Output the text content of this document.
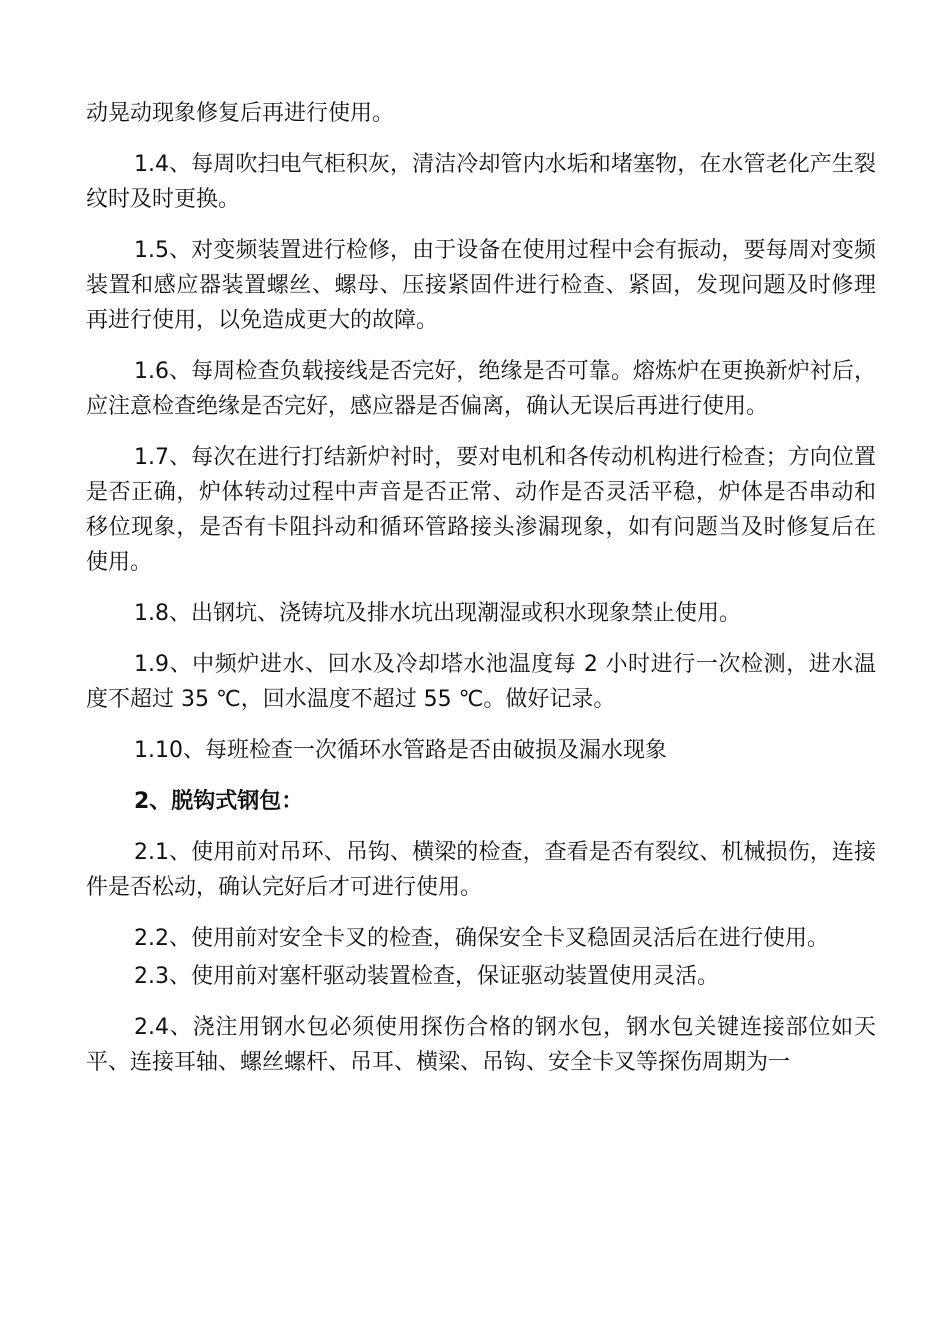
动晃动现象修复后再进行使用。

1.4、每周吹扫电气柜积灰，清洁冷却管内水垢和堵塞物，在水管老化产生裂纹时及时更换。

1.5、对变频装置进行检修，由于设备在使用过程中会有振动，要每周对变频装置和感应器装置螺丝、螺母、压接紧固件进行检查、紧固，发现问题及时修理再进行使用，以免造成更大的故障。

1.6、每周检查负载接线是否完好，绝缘是否可靠。熔炼炉在更换新炉衬后，应注意检查绝缘是否完好，感应器是否偏离，确认无误后再进行使用。

1.7、每次在进行打结新炉衬时，要对电机和各传动机构进行检查；方向位置是否正确，炉体转动过程中声音是否正常、动作是否灵活平稳，炉体是否串动和移位现象，是否有卡阻抖动和循环管路接头渗漏现象，如有问题当及时修复后在使用。

1.8、出钢坑、浇铸坑及排水坑出现潮湿或积水现象禁止使用。

1.9、中频炉进水、回水及冷却塔水池温度每 2 小时进行一次检测，进水温度不超过 35 ℃，回水温度不超过 55 ℃。做好记录。

1.10、每班检查一次循环水管路是否由破损及漏水现象

2、脱钩式钢包：

2.1、使用前对吊环、吊钩、横梁的检查，查看是否有裂纹、机械损伤，连接件是否松动，确认完好后才可进行使用。

2.2、使用前对安全卡叉的检查，确保安全卡叉稳固灵活后在进行使用。

2.3、使用前对塞杆驱动装置检查，保证驱动装置使用灵活。

2.4、浇注用钢水包必须使用探伤合格的钢水包，钢水包关键连接部位如天平、连接耳轴、螺丝螺杆、吊耳、横梁、吊钩、安全卡叉等探伤周期为一
